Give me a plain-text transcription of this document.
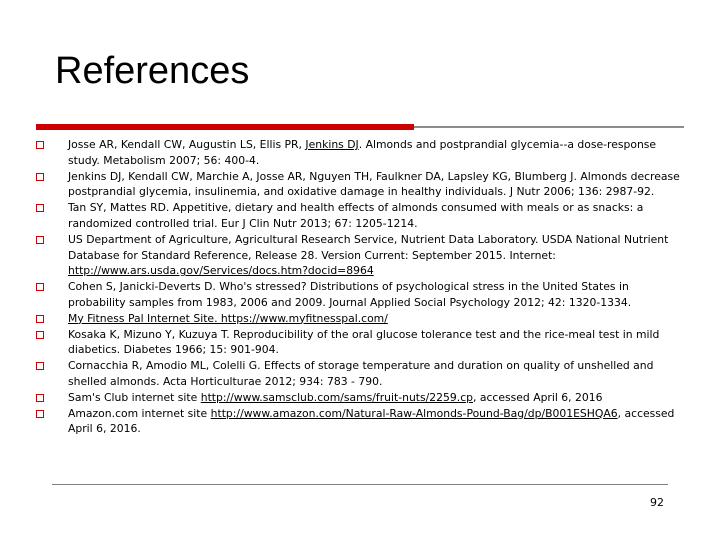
References
Josse AR, Kendall CW, Augustin LS, Ellis PR, Jenkins DJ. Almonds and postprandial glycemia--a dose-response study. Metabolism 2007; 56: 400-4.
Jenkins DJ, Kendall CW, Marchie A, Josse AR, Nguyen TH, Faulkner DA, Lapsley KG, Blumberg J. Almonds decrease postprandial glycemia, insulinemia, and oxidative damage in healthy individuals. J Nutr 2006; 136: 2987-92.
Tan SY, Mattes RD. Appetitive, dietary and health effects of almonds consumed with meals or as snacks: a randomized controlled trial. Eur J Clin Nutr 2013; 67: 1205-1214.
US Department of Agriculture, Agricultural Research Service, Nutrient Data Laboratory. USDA National Nutrient Database for Standard Reference, Release 28. Version Current: September 2015. Internet: http://www.ars.usda.gov/Services/docs.htm?docid=8964
Cohen S, Janicki-Deverts D. Who's stressed? Distributions of psychological stress in the United States in probability samples from 1983, 2006 and 2009. Journal Applied Social Psychology 2012; 42: 1320-1334.
My Fitness Pal Internet Site. https://www.myfitnesspal.com/
Kosaka K, Mizuno Y, Kuzuya T. Reproducibility of the oral glucose tolerance test and the rice-meal test in mild diabetics. Diabetes 1966; 15: 901-904.
Cornacchia R, Amodio ML, Colelli G. Effects of storage temperature and duration on quality of unshelled and shelled almonds. Acta Horticulturae 2012; 934: 783 - 790.
Sam's Club internet site http://www.samsclub.com/sams/fruit-nuts/2259.cp, accessed April 6, 2016
Amazon.com internet site http://www.amazon.com/Natural-Raw-Almonds-Pound-Bag/dp/B001ESHQA6, accessed April 6, 2016.
92
